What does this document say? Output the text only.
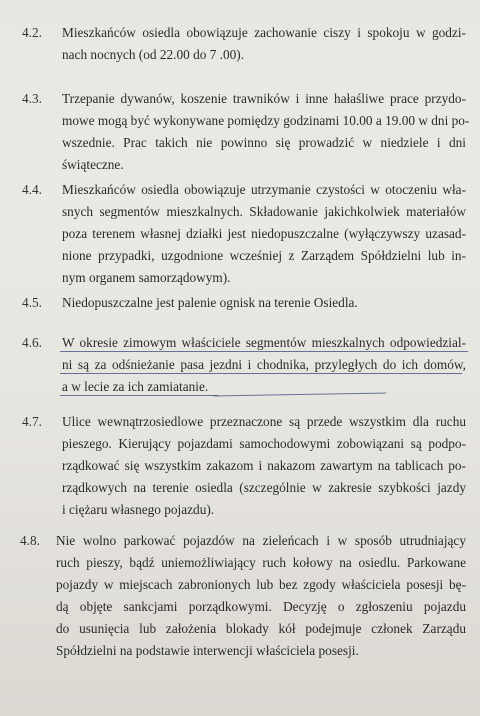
4.2. Mieszkańców osiedla obowiązuje zachowanie ciszy i spokoju w godzi-
nach nocnych (od 22.00 do 7 .00).
4.3. Trzepanie dywanów, koszenie trawników i inne hałaśliwe prace przydo-
mowe mogą być wykonywane pomiędzy godzinami 10.00 a 19.00 w dni po-
wszednie. Prac takich nie powinno się prowadzić w niedziele i dni
świąteczne.
4.4. Mieszkańców osiedla obowiązuje utrzymanie czystości w otoczeniu wła-
snych segmentów mieszkalnych. Składowanie jakichkolwiek materiałów
poza terenem własnej działki jest niedopuszczalne (wyłączywszy uzasad-
nione przypadki, uzgodnione wcześniej z Zarządem Spółdzielni lub in-
nym organem samorządowym).
4.5. Niedopuszczalne jest palenie ognisk na terenie Osiedla.
4.6. W okresie zimowym właściciele segmentów mieszkalnych odpowiedzial-
ni są za odśnieżanie pasa jezdni i chodnika, przyległych do ich domów,
a w lecie za ich zamiatanie.
4.7. Ulice wewnątrzosiedlowe przeznaczone są przede wszystkim dla ruchu
pieszego. Kierujący pojazdami samochodowymi zobowiązani są podpo-
rządkować się wszystkim zakazom i nakazom zawartym na tablicach po-
rządkowych na terenie osiedla (szczególnie w zakresie szybkości jazdy
i ciężaru własnego pojazdu).
4.8. Nie wolno parkować pojazdów na zieleńcach i w sposób utrudniający
ruch pieszy, bądź uniemożliwiający ruch kołowy na osiedlu. Parkowane
pojazdy w miejscach zabronionych lub bez zgody właściciela posesji bę-
dą objęte sankcjami porządkowymi. Decyzję o zgłoszeniu pojazdu
do usunięcia lub założenia blokady kół podejmuje członek Zarządu
Spółdzielni na podstawie interwencji właściciela posesji.
